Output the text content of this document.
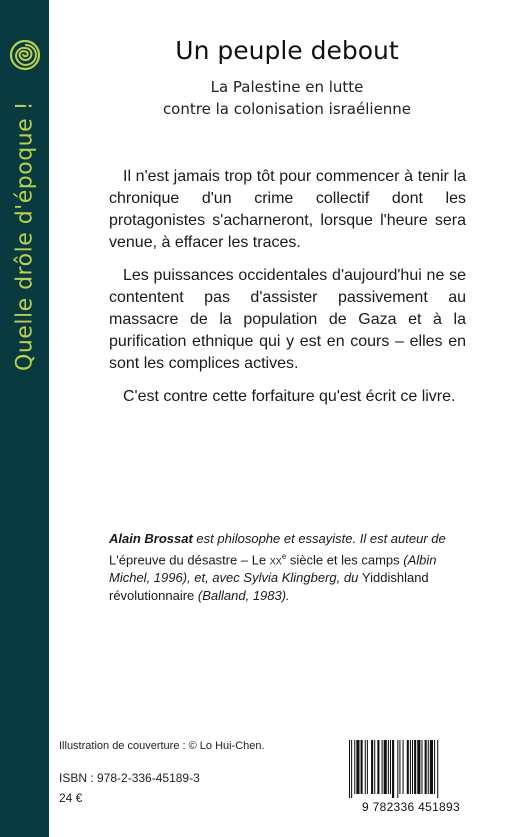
Quelle drôle d'époque !
Un peuple debout
La Palestine en lutte
contre la colonisation israélienne

Il n'est jamais trop tôt pour commencer à tenir la chronique d'un crime collectif dont les protagonistes s'acharneront, lorsque l'heure sera venue, à effacer les traces.

Les puissances occidentales d'aujourd'hui ne se contentent pas d'assister passivement au massacre de la population de Gaza et à la purification ethnique qui y est en cours – elles en sont les complices actives.

C'est contre cette forfaiture qu'est écrit ce livre.

Alain Brossat est philosophe et essayiste. Il est auteur de L'épreuve du désastre – Le $xx^e$ siècle et les camps (Albin Michel, 1996), et, avec Sylvia Klingberg, du Yiddishland révolutionnaire (Balland, 1983).
Illustration de couverture : © Lo Hui-Chen.
ISBN : 978-2-336-45189-3
24 €
9 782336 451893
